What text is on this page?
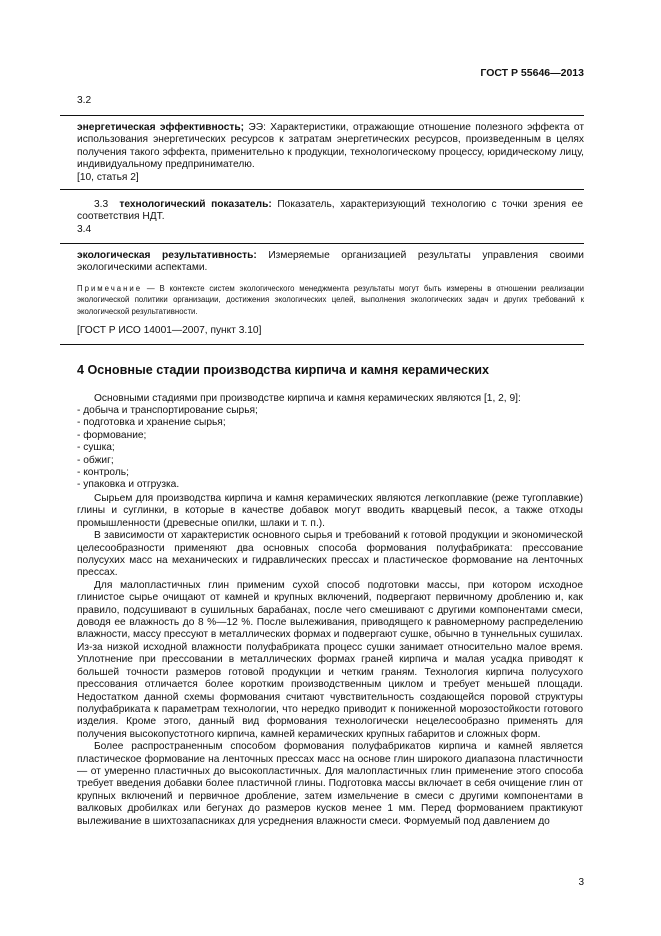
ГОСТ Р 55646—2013
3.2

энергетическая эффективность; ЭЭ: Характеристики, отражающие отношение полезного эффекта от использования энергетических ресурсов к затратам энергетических ресурсов, произведенным в целях получения такого эффекта, применительно к продукции, технологическому процессу, юридическому лицу, индивидуальному предпринимателю.

[10, статья 2]

3.3 технологический показатель: Показатель, характеризующий технологию с точки зрения ее соответствия НДТ.

3.4

экологическая результативность: Измеряемые организацией результаты управления своими экологическими аспектами.

Примечание — В контексте систем экологического менеджмента результаты могут быть измерены в отношении реализации экологической политики организации, достижения экологических целей, выполнения экологических задач и других требований к экологической результативности.

[ГОСТ Р ИСО 14001—2007, пункт 3.10]

4 Основные стадии производства кирпича и камня керамических

Основными стадиями при производстве кирпича и камня керамических являются [1, 2, 9]:

- добыча и транспортирование сырья;
- подготовка и хранение сырья;
- формование;
- сушка;
- обжиг;
- контроль;
- упаковка и отгрузка.

Сырьем для производства кирпича и камня керамических являются легкоплавкие (реже тугоплавкие) глины и суглинки, в которые в качестве добавок могут вводить кварцевый песок, а также отходы промышленности (древесные опилки, шлаки и т. п.).

В зависимости от характеристик основного сырья и требований к готовой продукции и экономической целесообразности применяют два основных способа формования полуфабриката: прессование полусухих масс на механических и гидравлических прессах и пластическое формование на ленточных прессах.

Для малопластичных глин применим сухой способ подготовки массы, при котором исходное глинистое сырье очищают от камней и крупных включений, подвергают первичному дроблению и, как правило, подсушивают в сушильных барабанах, после чего смешивают с другими компонентами смеси, доводя ее влажность до 8 %—12 %. После вылеживания, приводящего к равномерному распределению влажности, массу прессуют в металлических формах и подвергают сушке, обычно в туннельных сушилах. Из-за низкой исходной влажности полуфабриката процесс сушки занимает относительно малое время. Уплотнение при прессовании в металлических формах граней кирпича и малая усадка приводят к большей точности размеров готовой продукции и четким граням. Технология кирпича полусухого прессования отличается более коротким производственным циклом и требует меньшей площади. Недостатком данной схемы формования считают чувствительность создающейся поровой структуры полуфабриката к параметрам технологии, что нередко приводит к пониженной морозостойкости готового изделия. Кроме этого, данный вид формования технологически нецелесообразно применять для получения высокопустотного кирпича, камней керамических крупных габаритов и сложных форм.

Более распространенным способом формования полуфабрикатов кирпича и камней является пластическое формование на ленточных прессах масс на основе глин широкого диапазона пластичности — от умеренно пластичных до высокопластичных. Для малопластичных глин применение этого способа требует введения добавки более пластичной глины. Подготовка массы включает в себя очищение глин от крупных включений и первичное дробление, затем измельчение в смеси с другими компонентами в валковых дробилках или бегунах до размеров кусков менее 1 мм. Перед формованием практикуют вылеживание в шихтозапасниках для усреднения влажности смеси. Формуемый под давлением до

3
